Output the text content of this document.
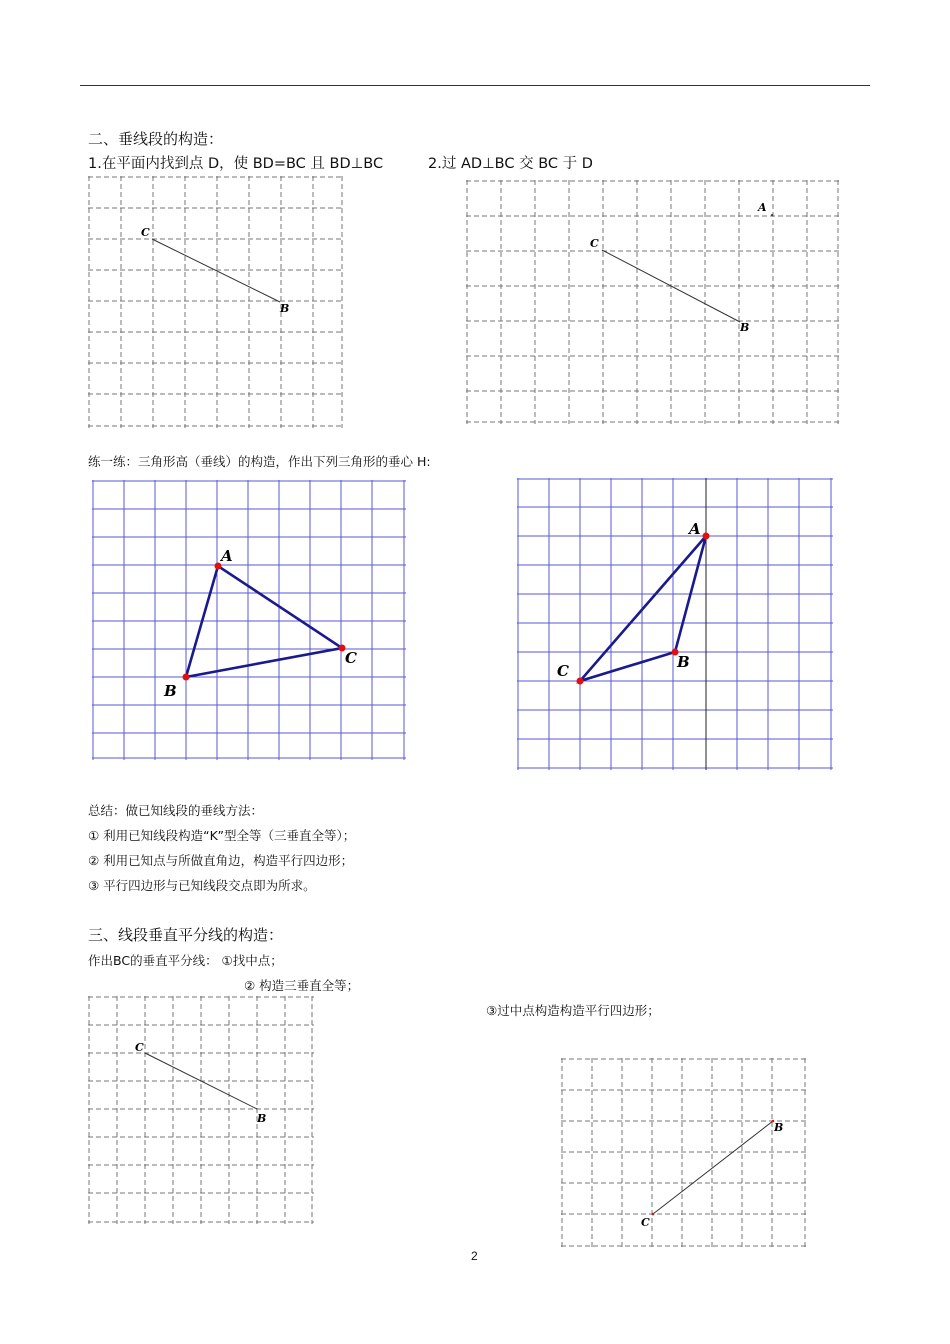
二、垂线段的构造：
1.在平面内找到点 D，使 BD=BC 且 BD⊥BC	2.过 AD⊥BC 交 BC 于 D
C
B
C
B
A
练一练：三角形高（垂线）的构造，作出下列三角形的垂心 H:
A
B
C
A
B
C
总结：做已知线段的垂线方法：
① 利用已知线段构造“K”型全等（三垂直全等）；
② 利用已知点与所做直角边，构造平行四边形；
③ 平行四边形与已知线段交点即为所求。
三、线段垂直平分线的构造：
作出BC的垂直平分线： ①找中点；
② 构造三垂直全等；
③过中点构造构造平行四边形；
C
B
C
B
2
